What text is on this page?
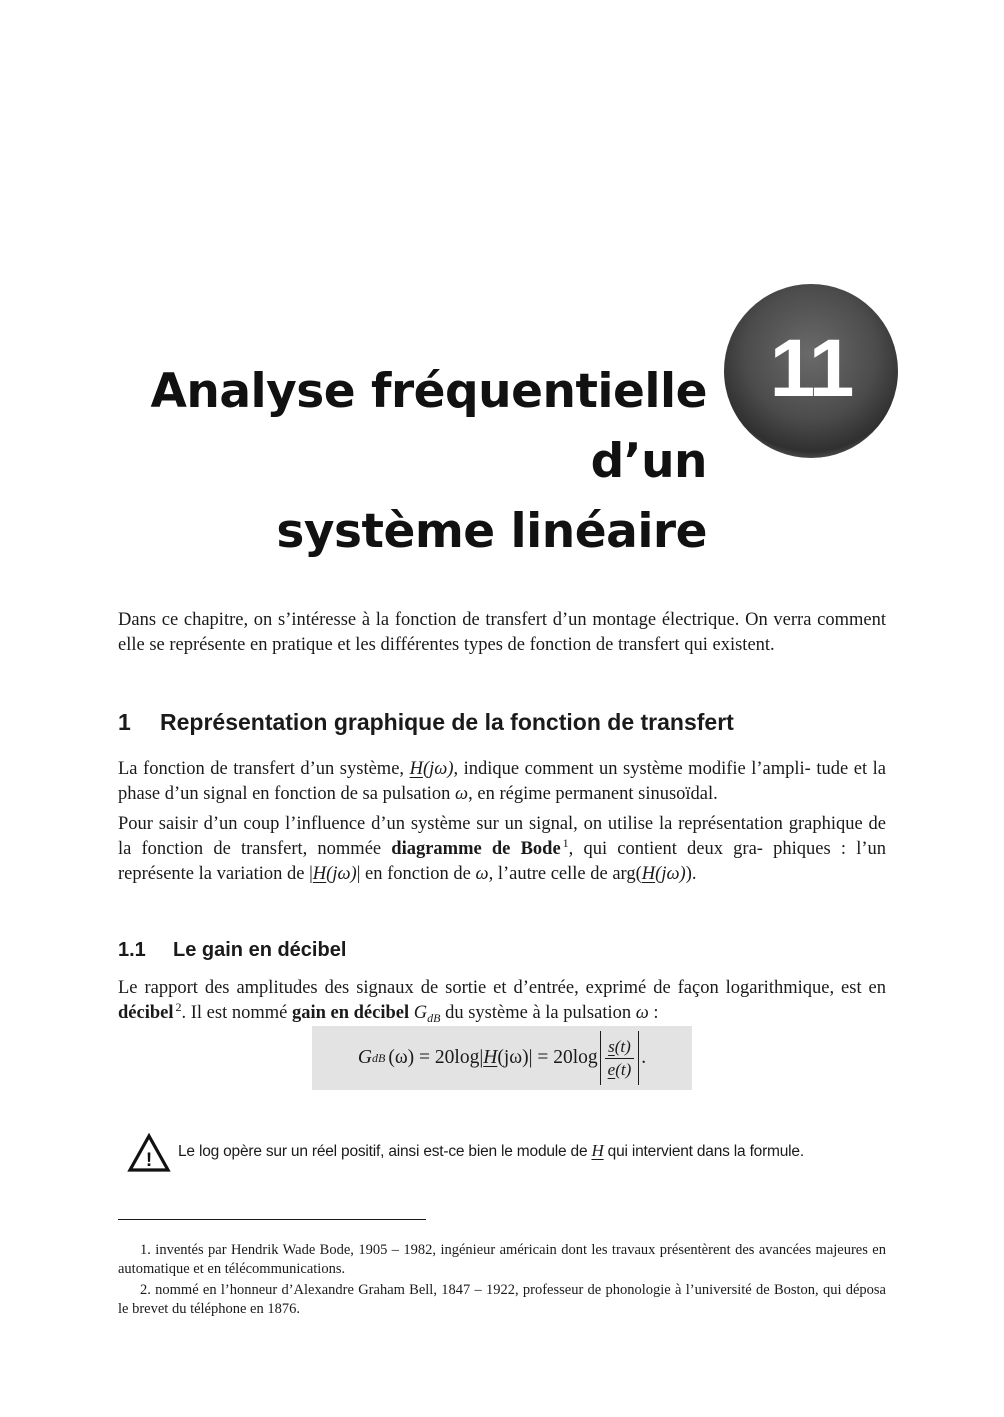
Analyse fréquentielle d’un
système linéaire
11

Dans ce chapitre, on s’intéresse à la fonction de transfert d’un montage électrique. On verra comment elle se représente en pratique et les différentes types de fonction de transfert qui existent.

1 Représentation graphique de la fonction de transfert

La fonction de transfert d’un système, H(jω), indique comment un système modifie l’ampli- tude et la phase d’un signal en fonction de sa pulsation ω, en régime permanent sinusoïdal.

Pour saisir d’un coup l’influence d’un système sur un signal, on utilise la représentation graphique de la fonction de transfert, nommée diagramme de Bode $^1$, qui contient deux gra- phiques : l’un représente la variation de |H(jω)| en fonction de ω, l’autre celle de arg(H(jω)).

1.1 Le gain en décibel

Le rapport des amplitudes des signaux de sortie et d’entrée, exprimé de façon logarithmique, est en décibel $^2$. Il est nommé gain en décibel $G_{dB}$ du système à la pulsation ω :

G dB (ω) = 20log| H $(j\omega)| = 20\log \frac{s(t)}{e(t)}$ .
! Le log opère sur un réel positif, ainsi est-ce bien le module de H qui intervient dans la formule.

1. inventés par Hendrik Wade Bode, 1905 – 1982, ingénieur américain dont les travaux présentèrent des avancées majeures en automatique et en télécommunications.

2. nommé en l’honneur d’Alexandre Graham Bell, 1847 – 1922, professeur de phonologie à l’université de Boston, qui déposa le brevet du téléphone en 1876.
